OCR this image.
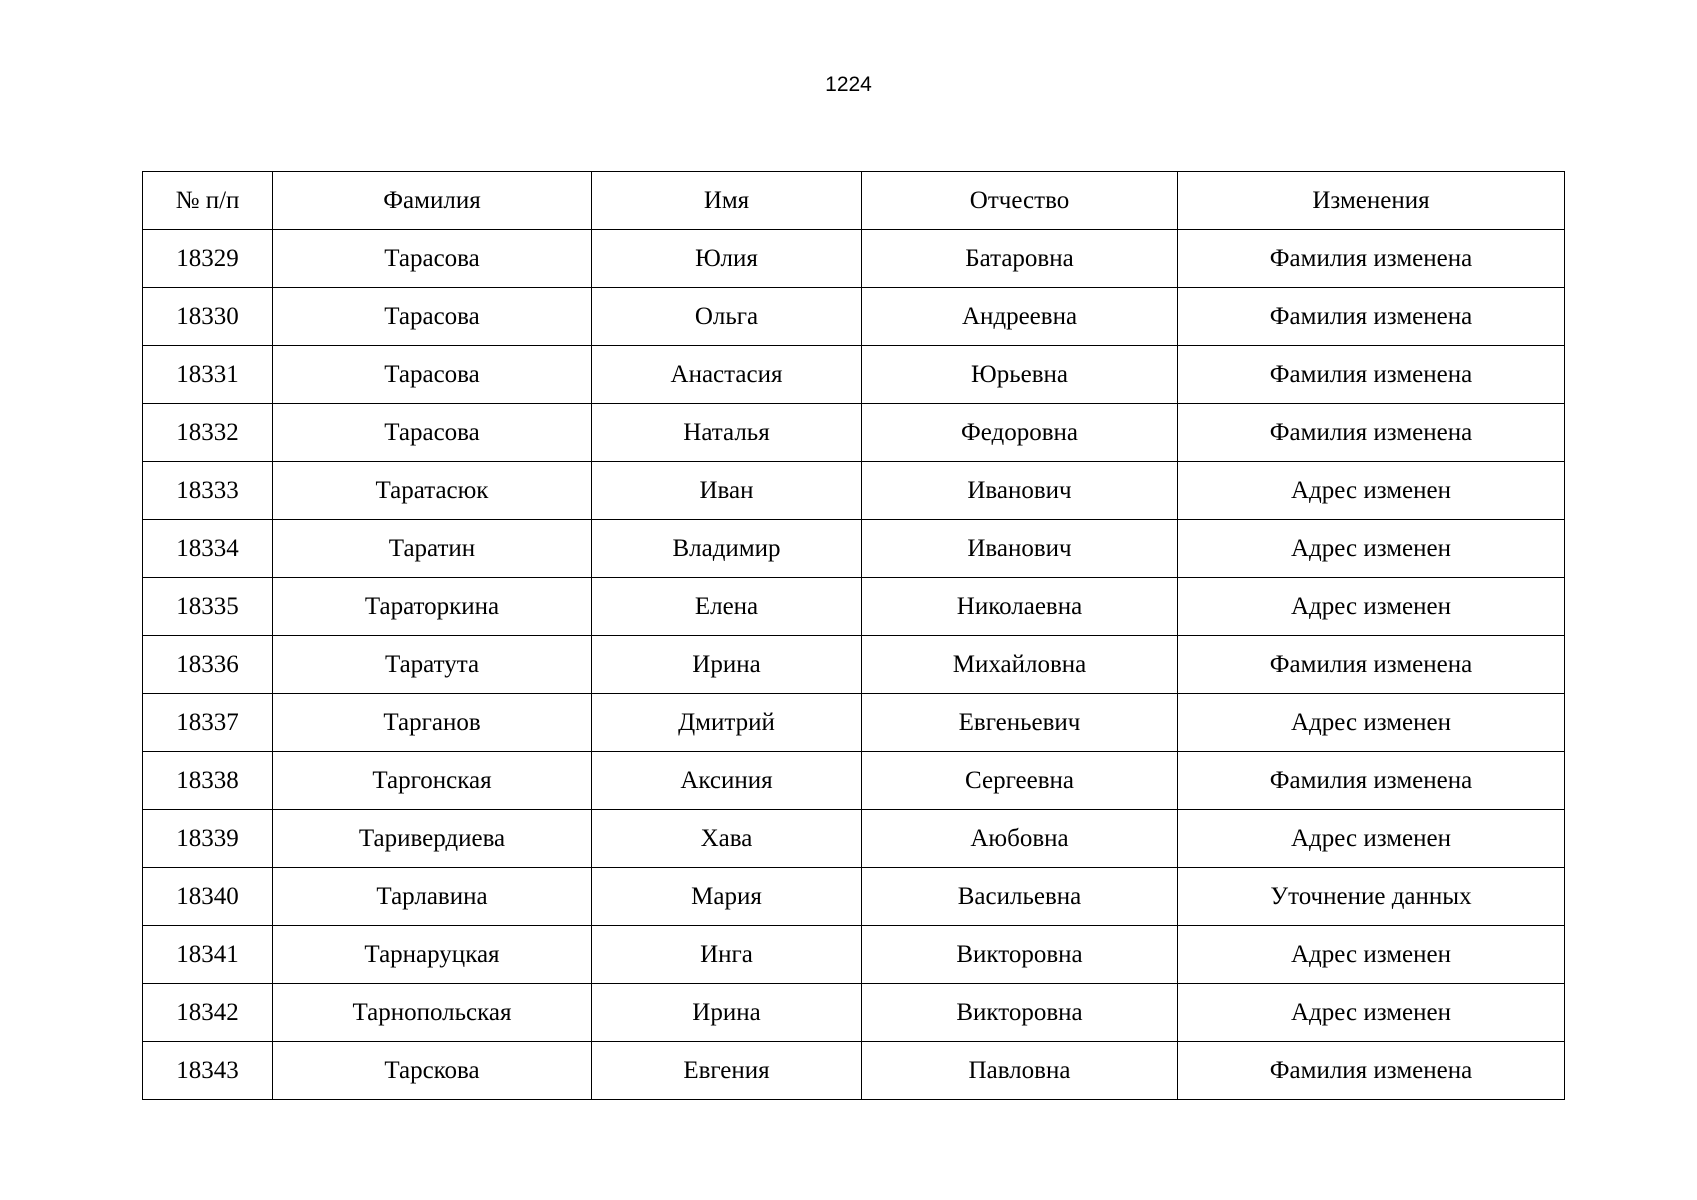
1224
№ п/п	Фамилия	Имя	Отчество	Изменения
18329	Тарасова	Юлия	Батаровна	Фамилия изменена
18330	Тарасова	Ольга	Андреевна	Фамилия изменена
18331	Тарасова	Анастасия	Юрьевна	Фамилия изменена
18332	Тарасова	Наталья	Федоровна	Фамилия изменена
18333	Таратасюк	Иван	Иванович	Адрес изменен
18334	Таратин	Владимир	Иванович	Адрес изменен
18335	Тараторкина	Елена	Николаевна	Адрес изменен
18336	Таратута	Ирина	Михайловна	Фамилия изменена
18337	Тарганов	Дмитрий	Евгеньевич	Адрес изменен
18338	Таргонская	Аксиния	Сергеевна	Фамилия изменена
18339	Таривердиева	Хава	Аюбовна	Адрес изменен
18340	Тарлавина	Мария	Васильевна	Уточнение данных
18341	Тарнаруцкая	Инга	Викторовна	Адрес изменен
18342	Тарнопольская	Ирина	Викторовна	Адрес изменен
18343	Тарскова	Евгения	Павловна	Фамилия изменена
